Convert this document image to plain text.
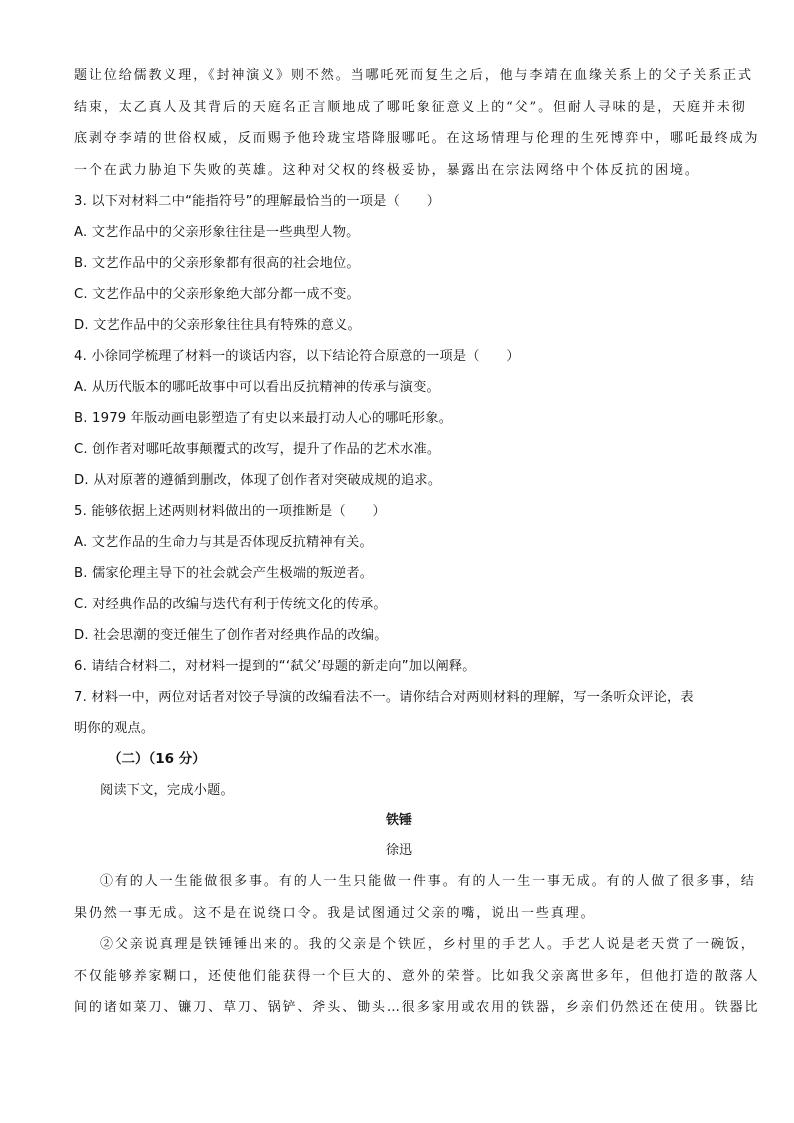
题让位给儒教义理，《封神演义》则不然。当哪吒死而复生之后，他与李靖在血缘关系上的父子关系正式

结束，太乙真人及其背后的天庭名正言顺地成了哪吒象征意义上的“父”。但耐人寻味的是，天庭并未彻

底剥夺李靖的世俗权威，反而赐予他玲珑宝塔降服哪吒。在这场情理与伦理的生死博弈中，哪吒最终成为

一个在武力胁迫下失败的英雄。这种对父权的终极妥协，暴露出在宗法网络中个体反抗的困境。

3. 以下对材料二中“能指符号”的理解最恰当的一项是（　　）

A. 文艺作品中的父亲形象往往是一些典型人物。

B. 文艺作品中的父亲形象都有很高的社会地位。

C. 文艺作品中的父亲形象绝大部分都一成不变。

D. 文艺作品中的父亲形象往往具有特殊的意义。

4. 小徐同学梳理了材料一的谈话内容，以下结论符合原意的一项是（　　）

A. 从历代版本的哪吒故事中可以看出反抗精神的传承与演变。

B. 1979 年版动画电影塑造了有史以来最打动人心的哪吒形象。

C. 创作者对哪吒故事颠覆式的改写，提升了作品的艺术水准。

D. 从对原著的遵循到删改，体现了创作者对突破成规的追求。

5. 能够依据上述两则材料做出的一项推断是（　　）

A. 文艺作品的生命力与其是否体现反抗精神有关。

B. 儒家伦理主导下的社会就会产生极端的叛逆者。

C. 对经典作品的改编与迭代有利于传统文化的传承。

D. 社会思潮的变迁催生了创作者对经典作品的改编。

6. 请结合材料二，对材料一提到的“‘弑父’母题的新走向”加以阐释。

7. 材料一中，两位对话者对饺子导演的改编看法不一。请你结合对两则材料的理解，写一条听众评论，表

明你的观点。

（二）（16 分）

阅读下文，完成小题。

铁锤

徐迅

①有的人一生能做很多事。有的人一生只能做一件事。有的人一生一事无成。有的人做了很多事，结

果仍然一事无成。这不是在说绕口令。我是试图通过父亲的嘴，说出一些真理。

②父亲说真理是铁锤锤出来的。我的父亲是个铁匠，乡村里的手艺人。手艺人说是老天赏了一碗饭，

不仅能够养家糊口，还使他们能获得一个巨大的、意外的荣誉。比如我父亲离世多年，但他打造的散落人

间的诸如菜刀、镰刀、草刀、锅铲、斧头、锄头…很多家用或农用的铁器，乡亲们仍然还在使用。铁器比
